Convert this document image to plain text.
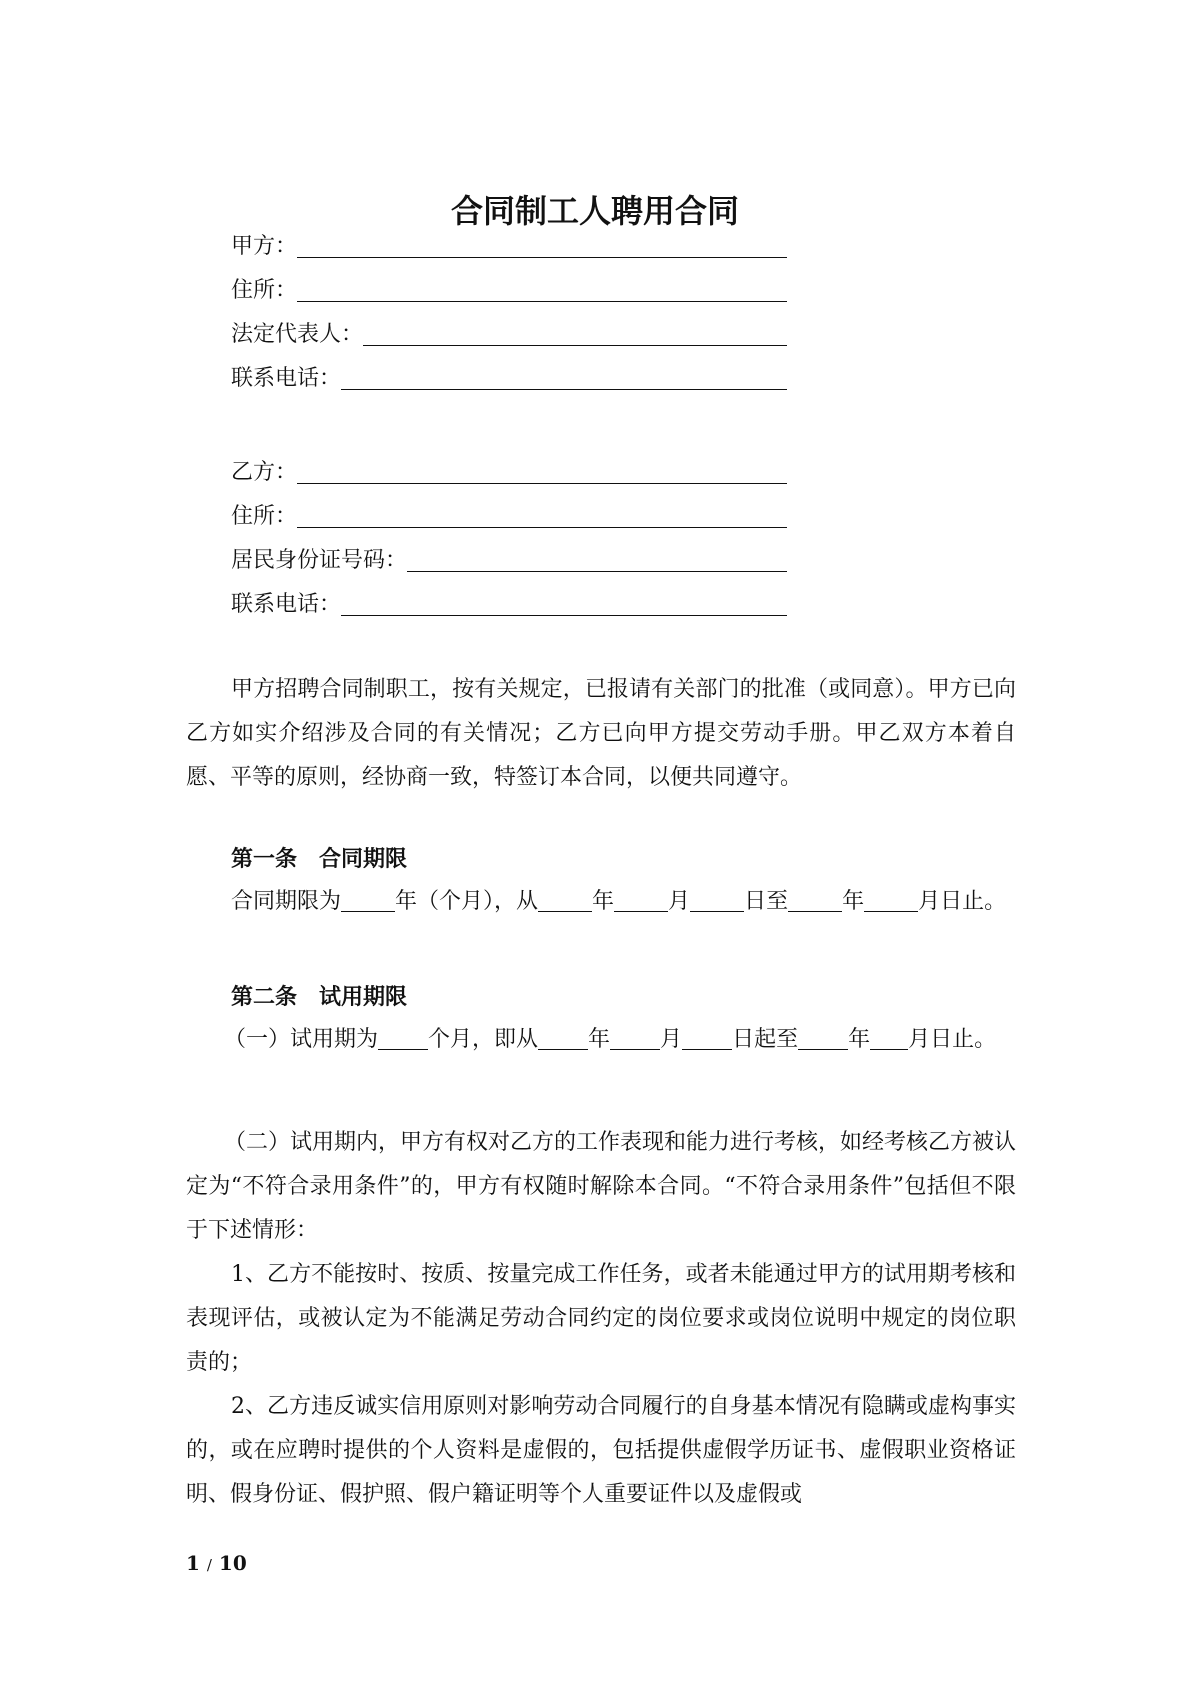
合同制工人聘用合同
甲方：
住所：
法定代表人：
联系电话：
乙方：
住所：
居民身份证号码：
联系电话：

甲方招聘合同制职工，按有关规定，已报请有关部门的批准（或同意）。甲方已向乙方如实介绍涉及合同的有关情况；乙方已向甲方提交劳动手册。甲乙双方本着自愿、平等的原则，经协商一致，特签订本合同，以便共同遵守。

第一条 合同期限

合同期限为 年（个月），从 年 月 日至 年 月日止。

第二条 试用期限

（一）试用期为 个月，即从 年 月 日起至 年 月日止。

（二）试用期内，甲方有权对乙方的工作表现和能力进行考核，如经考核乙方被认定为“不符合录用条件”的，甲方有权随时解除本合同。“不符合录用条件”包括但不限于下述情形：

1、乙方不能按时、按质、按量完成工作任务，或者未能通过甲方的试用期考核和表现评估，或被认定为不能满足劳动合同约定的岗位要求或岗位说明中规定的岗位职责的；

2、乙方违反诚实信用原则对影响劳动合同履行的自身基本情况有隐瞒或虚构事实的，或在应聘时提供的个人资料是虚假的，包括提供虚假学历证书、虚假职业资格证明、假身份证、假护照、假户籍证明等个人重要证件以及虚假或

1 / 10
